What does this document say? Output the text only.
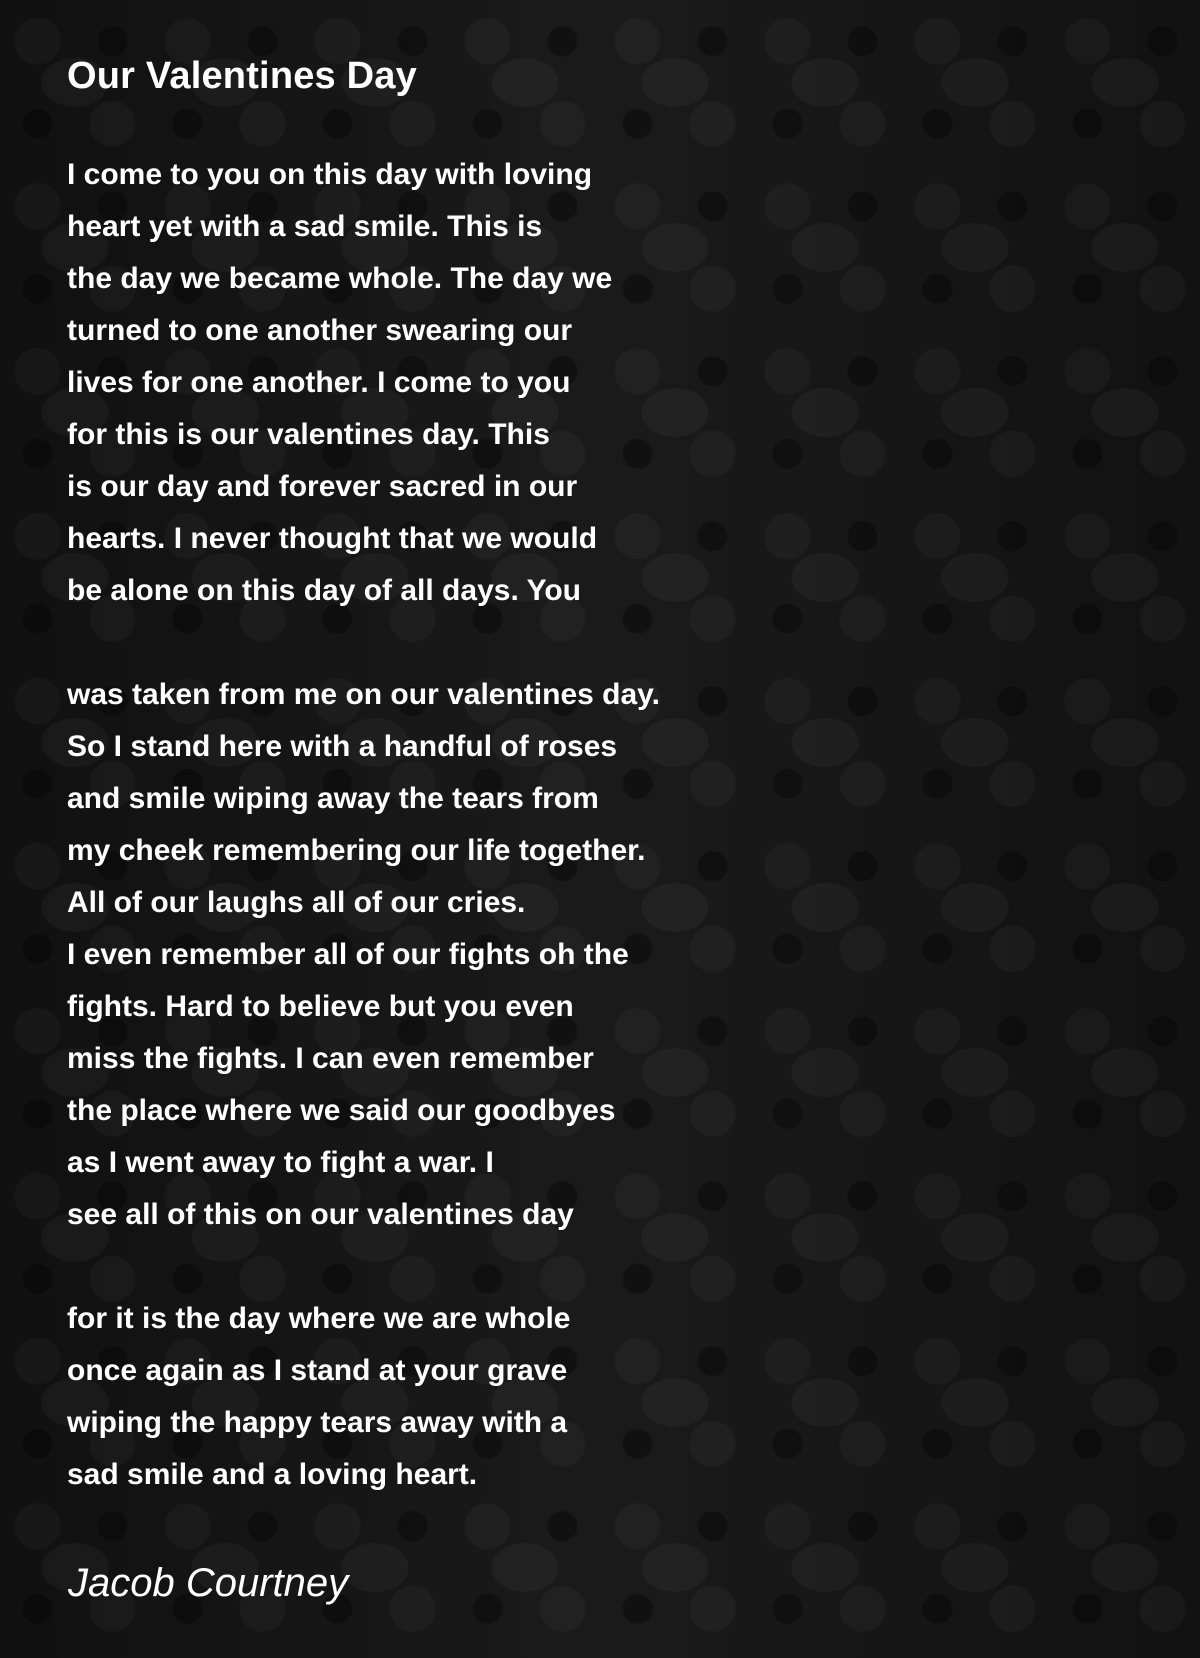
Our Valentines Day
I come to you on this day with loving
heart yet with a sad smile. This is
the day we became whole. The day we
turned to one another swearing our
lives for one another. I come to you
for this is our valentines day. This
is our day and forever sacred in our
hearts. I never thought that we would
be alone on this day of all days. You
was taken from me on our valentines day.
So I stand here with a handful of roses
and smile wiping away the tears from
my cheek remembering our life together.
All of our laughs all of our cries.
I even remember all of our fights oh the
fights. Hard to believe but you even
miss the fights. I can even remember
the place where we said our goodbyes
as I went away to fight a war. I
see all of this on our valentines day
for it is the day where we are whole
once again as I stand at your grave
wiping the happy tears away with a
sad smile and a loving heart.
Jacob Courtney
